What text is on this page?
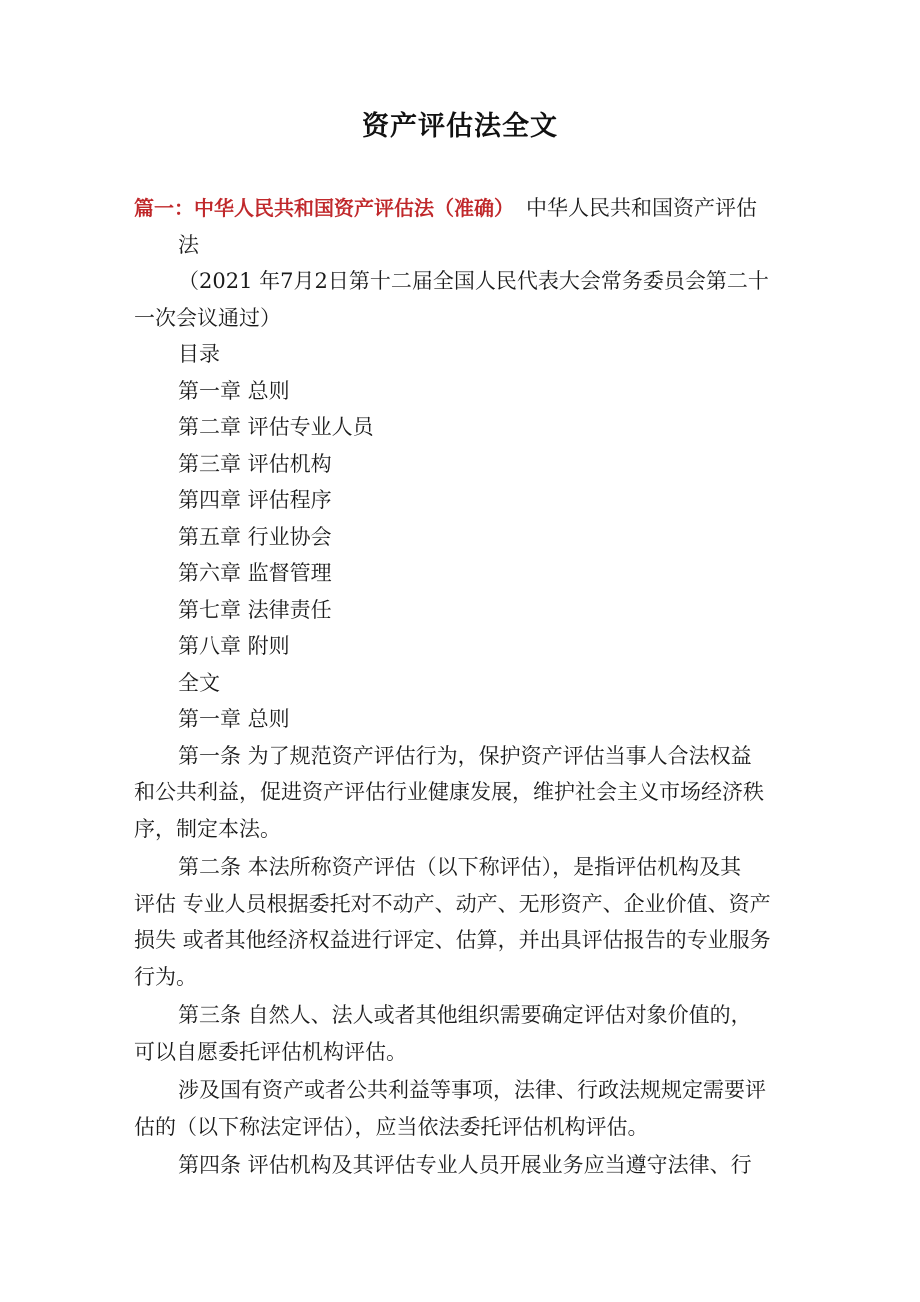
资产评估法全文
篇一：中华人民共和国资产评估法（准确） 中华人民共和国资产评估
法
（2021 年7月2日第十二届全国人民代表大会常务委员会第二十
一次会议通过）
目录
第一章 总则
第二章 评估专业人员
第三章 评估机构
第四章 评估程序
第五章 行业协会
第六章 监督管理
第七章 法律责任
第八章 附则
全文
第一章 总则
第一条 为了规范资产评估行为，保护资产评估当事人合法权益
和公共利益，促进资产评估行业健康发展，维护社会主义市场经济秩
序，制定本法。
第二条 本法所称资产评估（以下称评估），是指评估机构及其
评估 专业人员根据委托对不动产、动产、无形资产、企业价值、资产
损失 或者其他经济权益进行评定、估算，并出具评估报告的专业服务
行为。
第三条 自然人、法人或者其他组织需要确定评估对象价值的，
可以自愿委托评估机构评估。
涉及国有资产或者公共利益等事项，法律、行政法规规定需要评
估的（以下称法定评估），应当依法委托评估机构评估。
第四条 评估机构及其评估专业人员开展业务应当遵守法律、行
